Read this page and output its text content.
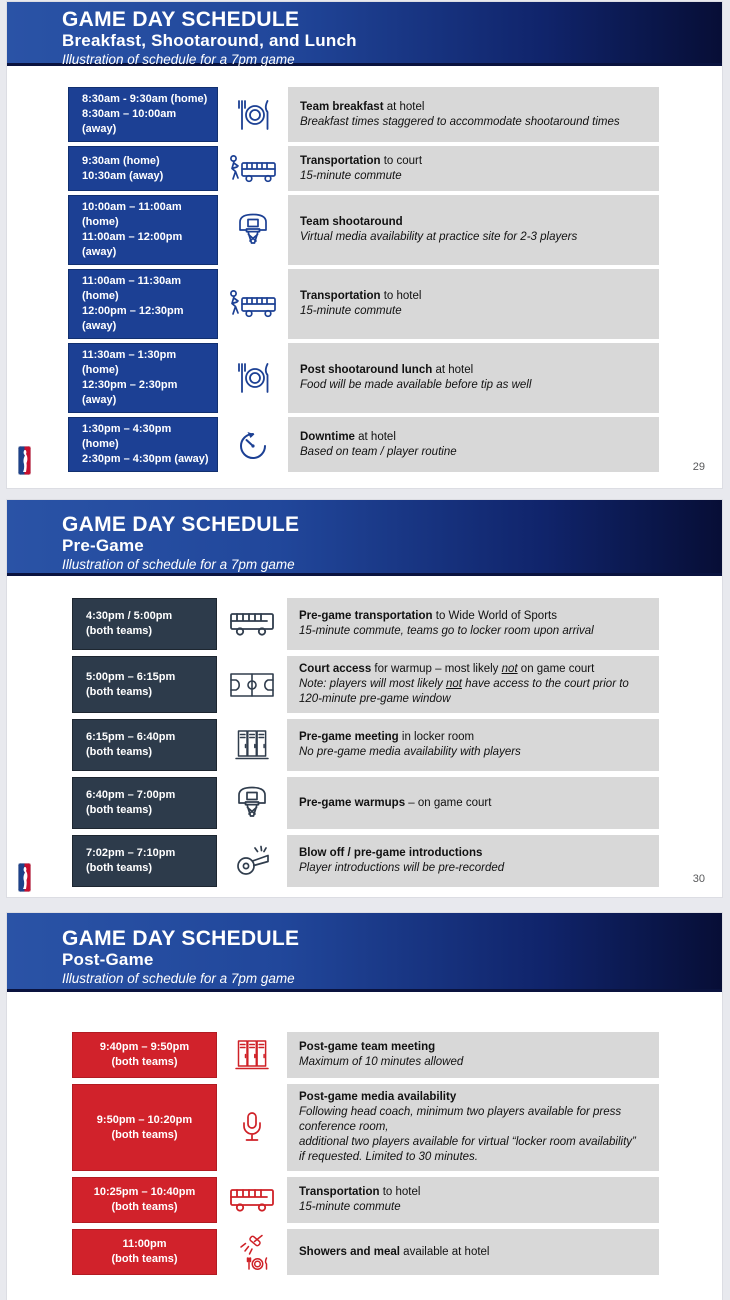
GAME DAY SCHEDULE
Breakfast, Shootaround, and Lunch

Illustration of schedule for a 7pm game

8:30am - 9:30am (home)
8:30am – 10:00am (away)
Team breakfast at hotel
Breakfast times staggered to accommodate shootaround times
9:30am (home)
10:30am (away)
Transportation to court
15-minute commute
10:00am – 11:00am (home)
11:00am – 12:00pm (away)
Team shootaround
Virtual media availability at practice site for 2-3 players
11:00am – 11:30am (home)
12:00pm – 12:30pm (away)
Transportation to hotel
15-minute commute
11:30am – 1:30pm (home)
12:30pm – 2:30pm (away)
Post shootaround lunch at hotel
Food will be made available before tip as well
1:30pm – 4:30pm (home)
2:30pm – 4:30pm (away)
Downtime at hotel
Based on team / player routine
29
GAME DAY SCHEDULE
Pre-Game

Illustration of schedule for a 7pm game

4:30pm / 5:00pm
(both teams)
Pre-game transportation to Wide World of Sports
15-minute commute, teams go to locker room upon arrival
5:00pm – 6:15pm
(both teams)
Court access for warmup – most likely not on game court
Note: players will most likely not have access to the court prior to
120-minute pre-game window
6:15pm – 6:40pm
(both teams)
Pre-game meeting in locker room
No pre-game media availability with players
6:40pm – 7:00pm
(both teams)
Pre-game warmups – on game court
7:02pm – 7:10pm
(both teams)
Blow off / pre-game introductions
Player introductions will be pre-recorded
30
GAME DAY SCHEDULE
Post-Game

Illustration of schedule for a 7pm game

9:40pm – 9:50pm
(both teams)
Post-game team meeting
Maximum of 10 minutes allowed
9:50pm – 10:20pm
(both teams)
Post-game media availability
Following head coach, minimum two players available for press conference room,
additional two players available for virtual “locker room availability”
if requested. Limited to 30 minutes.
10:25pm – 10:40pm
(both teams)
Transportation to hotel
15-minute commute
11:00pm
(both teams)
Showers and meal available at hotel
